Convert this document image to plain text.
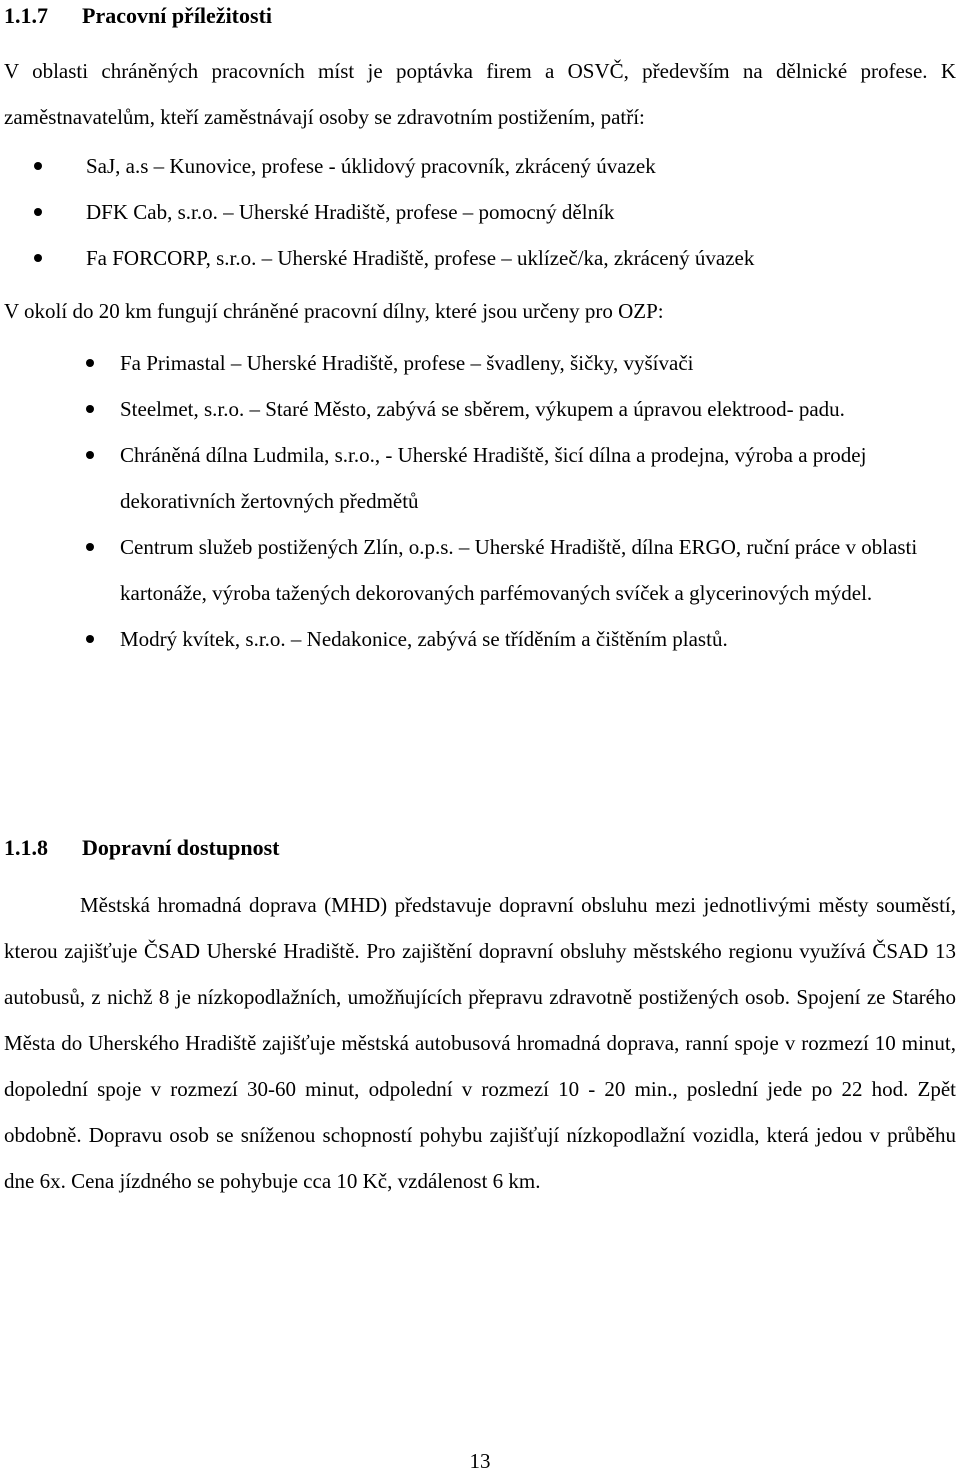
1.1.7 Pracovní příležitosti

V oblasti chráněných pracovních míst je poptávka firem a OSVČ, především na dělnické profese. K zaměstnavatelům, kteří zaměstnávají osoby se zdravotním postižením, patří:

SaJ, a.s – Kunovice, profese - úklidový pracovník, zkrácený úvazek
DFK Cab, s.r.o. – Uherské Hradiště, profese – pomocný dělník
Fa FORCORP, s.r.o. – Uherské Hradiště, profese – uklízeč/ka, zkrácený úvazek

V okolí do 20 km fungují chráněné pracovní dílny, které jsou určeny pro OZP:

Fa Primastal – Uherské Hradiště, profese – švadleny, šičky, vyšívači
Steelmet, s.r.o. – Staré Město, zabývá se sběrem, výkupem a úpravou elektrood- padu.
Chráněná dílna Ludmila, s.r.o., - Uherské Hradiště, šicí dílna a prodejna, výroba a prodej dekorativních žertovných předmětů
Centrum služeb postižených Zlín, o.p.s. – Uherské Hradiště, dílna ERGO, ruční práce v oblasti kartonáže, výroba tažených dekorovaných parfémovaných svíček a glycerinových mýdel.
Modrý kvítek, s.r.o. – Nedakonice, zabývá se tříděním a čištěním plastů.
1.1.8 Dopravní dostupnost

Městská hromadná doprava (MHD) představuje dopravní obsluhu mezi jednotlivými městy souměstí, kterou zajišťuje ČSAD Uherské Hradiště. Pro zajištění dopravní obsluhy městského regionu využívá ČSAD 13 autobusů, z nichž 8 je nízkopodlažních, umožňujících přepravu zdravotně postižených osob. Spojení ze Starého Města do Uherského Hradiště zajišťuje městská autobusová hromadná doprava, ranní spoje v rozmezí 10 minut, dopolední spoje v rozmezí 30-60 minut, odpolední v rozmezí 10 - 20 min., poslední jede po 22 hod. Zpět obdobně. Dopravu osob se sníženou schopností pohybu zajišťují nízkopodlažní vozidla, která jedou v průběhu dne 6x. Cena jízdného se pohybuje cca 10 Kč, vzdálenost 6 km.

13
